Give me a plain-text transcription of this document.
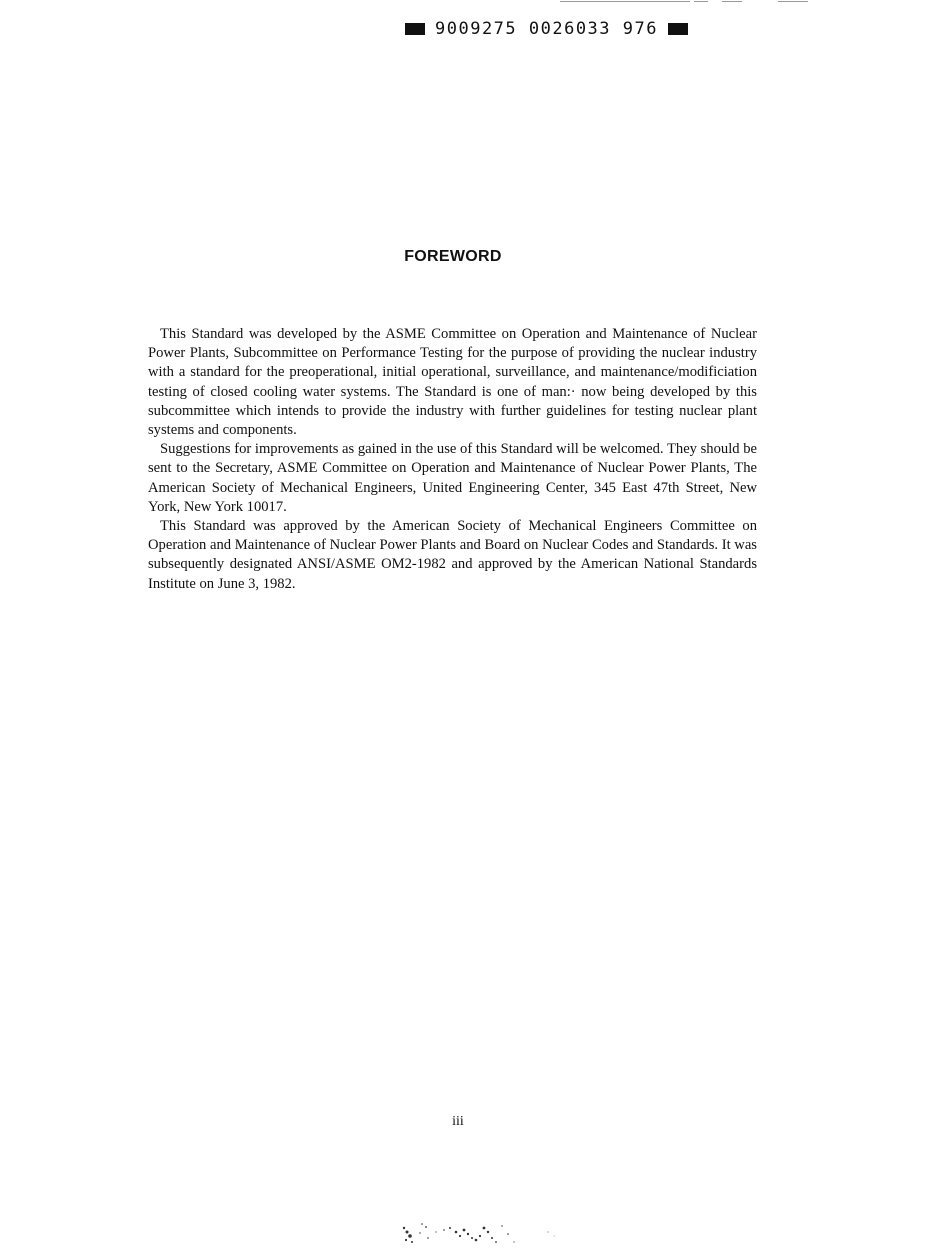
9009275 0026033 976
FOREWORD

This Standard was developed by the ASME Committee on Operation and Maintenance of Nuclear Power Plants, Subcommittee on Performance Testing for the purpose of providing the nuclear industry with a standard for the preoperational, initial operational, surveillance, and maintenance/modificiation testing of closed cooling water systems. The Standard is one of man:· now being developed by this subcommittee which intends to provide the industry with further guidelines for testing nuclear plant systems and components.

Suggestions for improvements as gained in the use of this Standard will be welcomed. They should be sent to the Secretary, ASME Committee on Operation and Maintenance of Nuclear Power Plants, The American Society of Mechanical Engineers, United Engineering Center, 345 East 47th Street, New York, New York 10017.

This Standard was approved by the American Society of Mechanical Engineers Committee on Operation and Maintenance of Nuclear Power Plants and Board on Nuclear Codes and Standards. It was subsequently designated ANSI/ASME OM2-1982 and approved by the American National Standards Institute on June 3, 1982.

iii
